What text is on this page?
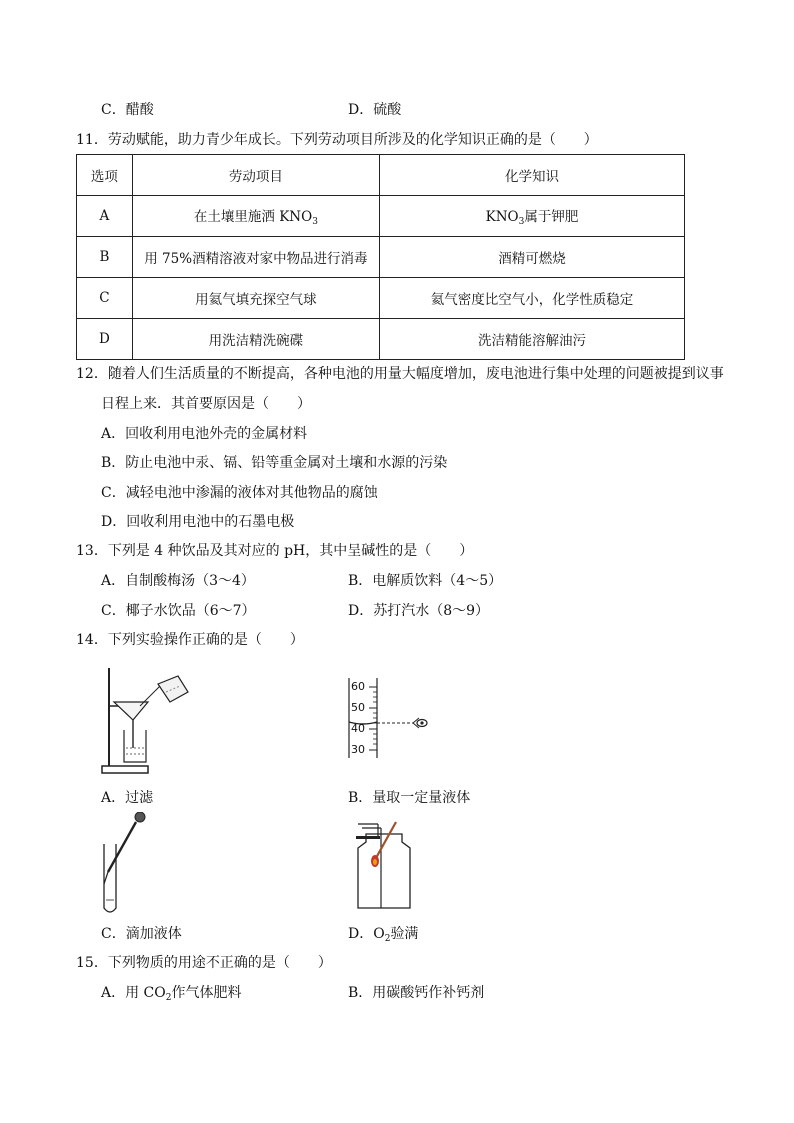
C．醋酸	D．硫酸
11．劳动赋能，助力青少年成长。下列劳动项目所涉及的化学知识正确的是（　　）
选项	劳动项目	化学知识
A	在土壤里施洒 $KNO_3$	$KNO_3$属于钾肥
B	用 75%酒精溶液对家中物品进行消毒	酒精可燃烧
C	用氦气填充探空气球	氦气密度比空气小，化学性质稳定
D	用洗洁精洗碗碟	洗洁精能溶解油污
12．随着人们生活质量的不断提高，各种电池的用量大幅度增加，废电池进行集中处理的问题被提到议事
日程上来．其首要原因是（　　）
A．回收利用电池外壳的金属材料
B．防止电池中汞、镉、铅等重金属对土壤和水源的污染
C．减轻电池中渗漏的液体对其他物品的腐蚀
D．回收利用电池中的石墨电极
13．下列是 4 种饮品及其对应的 pH，其中呈碱性的是（　　）
A．自制酸梅汤（3～4）	B．电解质饮料（4～5）
C．椰子水饮品（6～7）	D．苏打汽水（8～9）
14．下列实验操作正确的是（　　）
60
50
40
30
A．过滤	B．量取一定量液体
C．滴加液体	D．$O_2$验满
15．下列物质的用途不正确的是（　　）
A．用 $CO_2$作气体肥料	B．用碳酸钙作补钙剂
